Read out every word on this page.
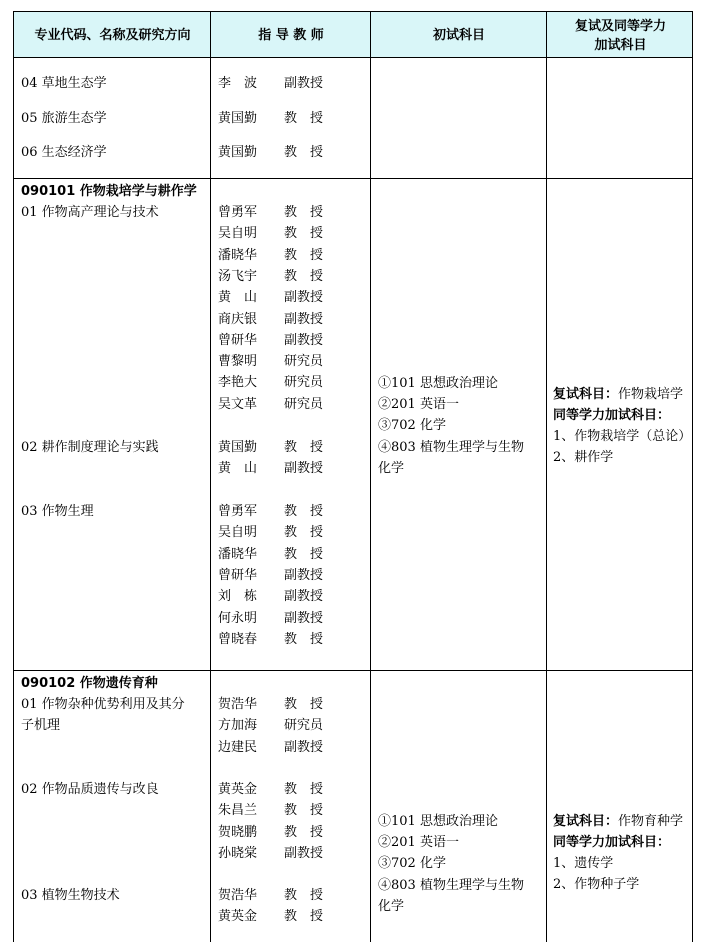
专业代码、名称及研究方向	指 导 教 师	初试科目
复试及同等学力
加试科目
04 草地生态学
05 旅游生态学
06 生态经济学
李　波 副教授
黄国勤 教　授
黄国勤 教　授
090101 作物栽培学与耕作学
01 作物高产理论与技术
02 耕作制度理论与实践
03 作物生理
曾勇军 教　授
吴自明 教　授
潘晓华 教　授
汤飞宇 教　授
黄　山 副教授
商庆银 副教授
曾研华 副教授
曹黎明 研究员
李艳大 研究员
吴文革 研究员
黄国勤 教　授
黄　山 副教授
曾勇军 教　授
吴自明 教　授
潘晓华 教　授
曾研华 副教授
刘　栋 副教授
何永明 副教授
曾晓春 教　授
①101 思想政治理论
②201 英语一
③702 化学
④803 植物生理学与生物
化学
复试科目：作物栽培学
同等学力加试科目：
1、作物栽培学（总论）
2、耕作学
090102 作物遗传育种
01 作物杂种优势利用及其分
子机理
02 作物品质遗传与改良
03 植物生物技术
贺浩华 教　授
方加海 研究员
边建民 副教授
黄英金 教　授
朱昌兰 教　授
贺晓鹏 教　授
孙晓棠 副教授
贺浩华 教　授
黄英金 教　授
①101 思想政治理论
②201 英语一
③702 化学
④803 植物生理学与生物
化学
复试科目：作物育种学
同等学力加试科目：
1、遗传学
2、作物种子学
